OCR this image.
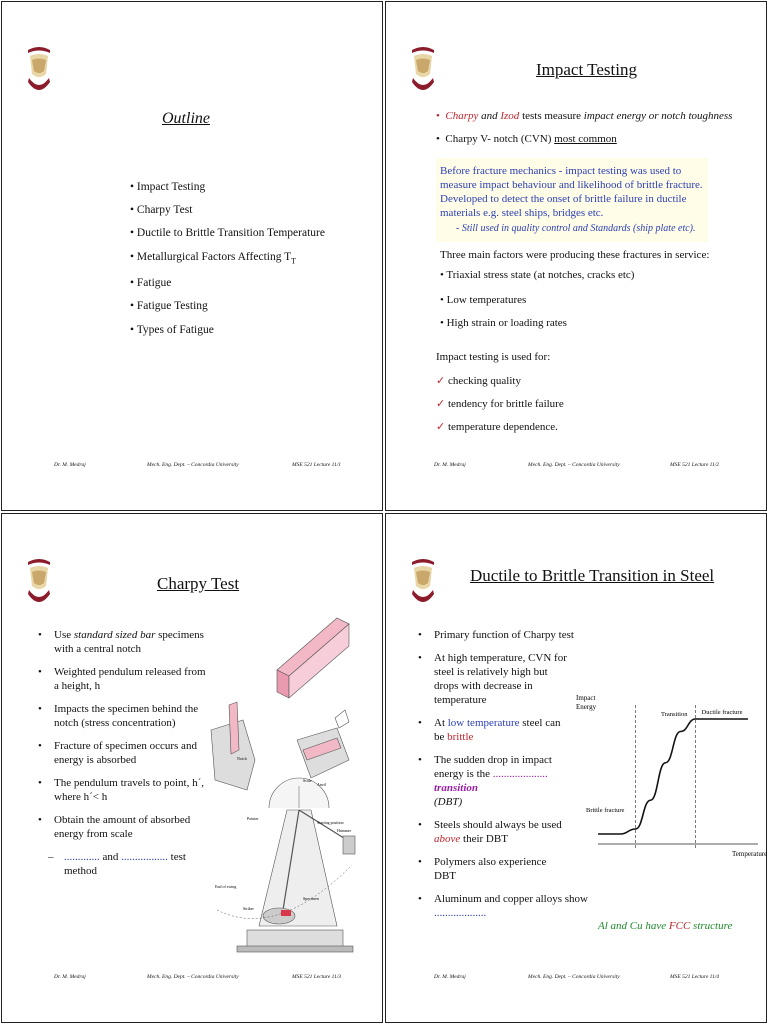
Outline
• Impact Testing
• Charpy Test
• Ductile to Brittle Transition Temperature
• Metallurgical Factors Affecting $T_T$
• Fatigue
• Fatigue Testing
• Types of Fatigue
Dr. M. Medraj	Mech. Eng. Dept. – Concordia University	MSE 521 Lecture 11/1
Impact Testing
•  Charpy and Izod tests measure impact energy or notch toughness
•  Charpy V- notch (CVN) most common
Before fracture mechanics - impact testing was used to measure impact behaviour and likelihood of brittle fracture. Developed to detect the onset of brittle failure in ductile materials e.g. steel ships, bridges etc.
- Still used in quality control and Standards (ship plate etc).
Three main factors were producing these fractures in service:
• Triaxial stress state (at notches, cracks etc)
• Low temperatures
• High strain or loading rates
Impact testing is used for:
✓ checking quality
✓ tendency for brittle failure
✓ temperature dependence.
Dr. M. Medraj	Mech. Eng. Dept. – Concordia University	MSE 521 Lecture 11/2
Charpy Test
• Use standard sized bar specimens with a central notch
• Weighted pendulum released from a height, h
• Impacts the specimen behind the notch (stress concentration)
• Fracture of specimen occurs and energy is absorbed
• The pendulum travels to point, h´, where h´< h
• Obtain the amount of absorbed energy from scale
– ............. and ................. test method
Scale
Pointer
Starting position
Hammer
End of swing
Specimen
Anvil
Notch
Striker
Dr. M. Medraj	Mech. Eng. Dept. – Concordia University	MSE 521 Lecture 11/3
Ductile to Brittle Transition in Steel
• Primary function of Charpy test
• At high temperature, CVN for steel is relatively high but drops with decrease in temperature
• At low temperature steel can be brittle
• The sudden drop in impact energy is the .................... transition
(DBT)
• Steels should always be used above their DBT
• Polymers also experience DBT
• Aluminum and copper alloys show
...................
Al and Cu have FCC structure
Impact Energy
Temperature
Brittle fracture
Transition Ductile fracture
Dr. M. Medraj	Mech. Eng. Dept. – Concordia University	MSE 521 Lecture 11/4
